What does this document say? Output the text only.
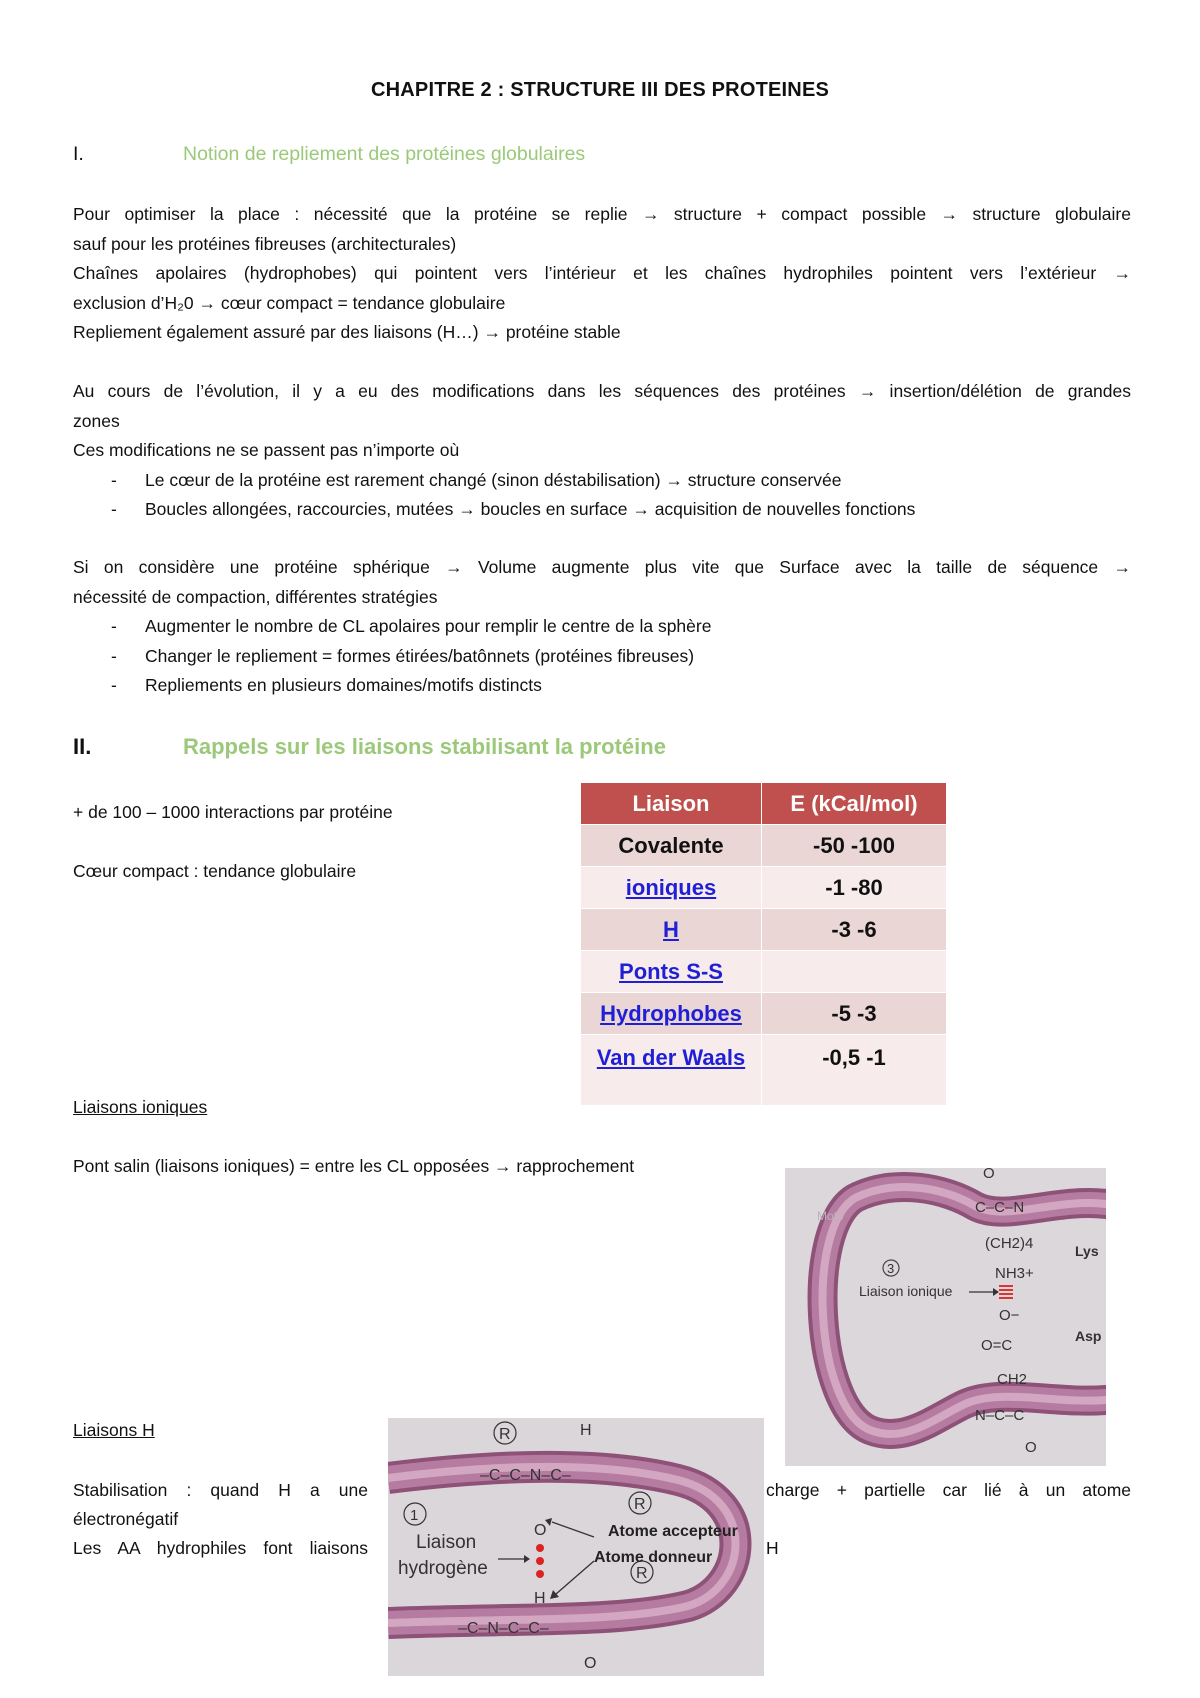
CHAPITRE 2 : STRUCTURE III DES PROTEINES
I.	Notion de repliement des protéines globulaires
Pour optimiser la place : nécessité que la protéine se replie → structure + compact possible → structure globulaire
sauf pour les protéines fibreuses (architecturales)
Chaînes apolaires (hydrophobes) qui pointent vers l’intérieur et les chaînes hydrophiles pointent vers l’extérieur →
exclusion d’H₂0 → cœur compact = tendance globulaire
Repliement également assuré par des liaisons (H…) → protéine stable
Au cours de l’évolution, il y a eu des modifications dans les séquences des protéines → insertion/délétion de grandes
zones
Ces modifications ne se passent pas n’importe où
- Le cœur de la protéine est rarement changé (sinon déstabilisation) → structure conservée
- Boucles allongées, raccourcies, mutées → boucles en surface → acquisition de nouvelles fonctions
Si on considère une protéine sphérique → Volume augmente plus vite que Surface avec la taille de séquence →
nécessité de compaction, différentes stratégies
- Augmenter le nombre de CL apolaires pour remplir le centre de la sphère
- Changer le repliement = formes étirées/batônnets (protéines fibreuses)
- Repliements en plusieurs domaines/motifs distincts
II.	Rappels sur les liaisons stabilisant la protéine
+ de 100 – 1000 interactions par protéine
Cœur compact : tendance globulaire
Liaison	E (kCal/mol)
Covalente	-50 -100
ioniques	-1 -80
H	-3 -6
Ponts S-S	
Hydrophobes	-5 -3
Van der Waals	-0,5 -1
Liaisons ioniques
Pont salin (liaisons ioniques) = entre les CL opposées → rapprochement
Moto
O
C–C–N
(CH2)4
NH3+
O−
O=C
CH2
N–C–C
O
3
Liaison ionique
Lys
Asp
Liaisons H
Stabilisation : quand H a une	charge + partielle car lié à un atome
électronégatif
Les AA hydrophiles font liaisons	H
R	H
–C–C–N–C–
R
O
H
R
–C–N–C–C–
O
1
Liaison
hydrogène
Atome accepteur
Atome donneur
